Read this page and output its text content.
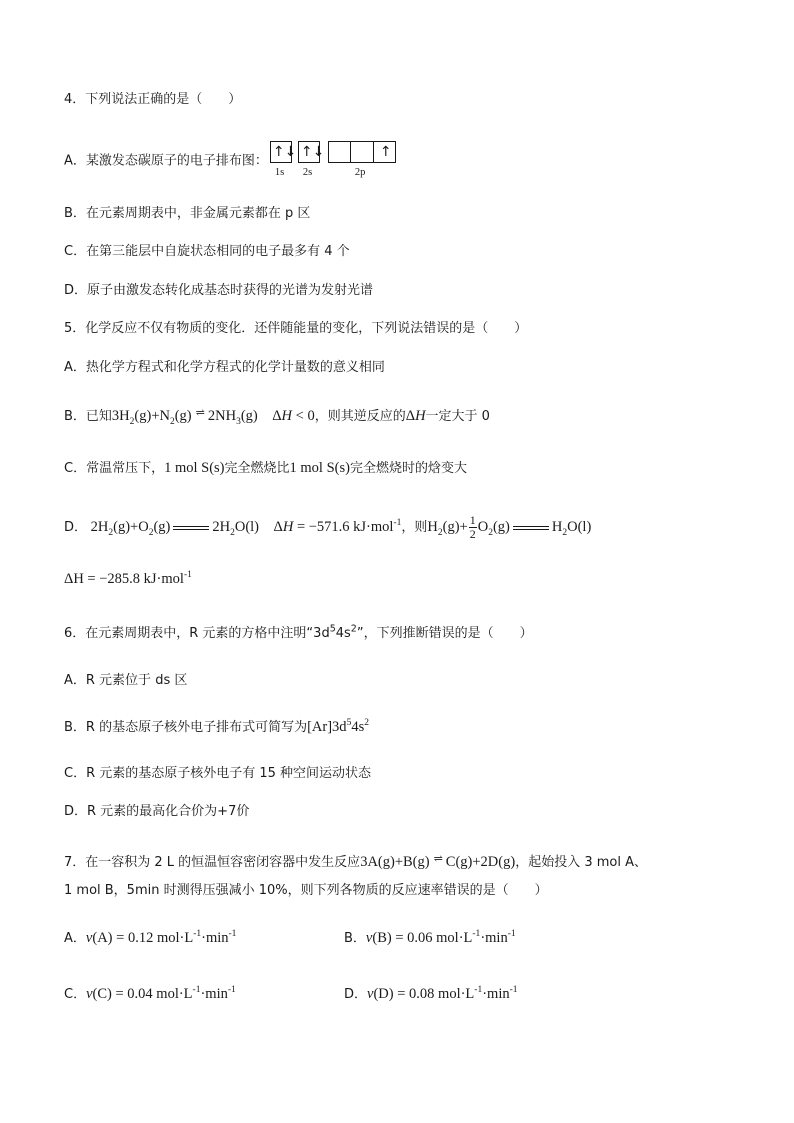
4．下列说法正确的是（　　）
A．某激发态碳原子的电子排布图：
↑↓ ↑↓	↑
1s 2s	2p
B．在元素周期表中，非金属元素都在 p 区
C．在第三能层中自旋状态相同的电子最多有 4 个
D．原子由激发态转化成基态时获得的光谱为发射光谱
5．化学反应不仅有物质的变化．还伴随能量的变化，下列说法错误的是（　　）
A．热化学方程式和化学方程式的化学计量数的意义相同
B．已知$3H_2(g)+N_2(g)$ ⇌ $2NH_3(g)$    ΔH < 0，则其逆反应的ΔH一定大于 0
C．常温常压下，1 mol S(s)完全燃烧比1 mol S(s)完全燃烧时的焓变大
D． $2H_2(g)+O_2(g)$	$2H_2O(l)$    ΔH = −571.6 kJ·mol$^{-1}$，则$H_2(g)+ \frac{1}{2} O_2(g)$	$H_2O(l)$
ΔH = −285.8 kJ·mol$^{-1}$
6．在元素周期表中，R 元素的方格中注明“$3d^54s^2$”，下列推断错误的是（　　）
A．R 元素位于 ds 区
B．R 的基态原子核外电子排布式可简写为$[Ar]3d^54s^2$
C．R 元素的基态原子核外电子有 15 种空间运动状态
D．R 元素的最高化合价为+7价
7．在一容积为 2 L 的恒温恒容密闭容器中发生反应3A(g)+B(g) ⇌ C(g)+2D(g)，起始投入 3 mol A、
1 mol B，5min 时测得压强减小 10%，则下列各物质的反应速率错误的是（　　）
A．v(A) = 0.12 $mol\cdot L^{-1}\cdot\min^{-1}$	B．v(B) = 0.06 $mol\cdot L^{-1}\cdot\min^{-1}$
C．v(C) = 0.04 $mol\cdot L^{-1}\cdot\min^{-1}$	D．v(D) = 0.08 $mol\cdot L^{-1}\cdot\min^{-1}$
